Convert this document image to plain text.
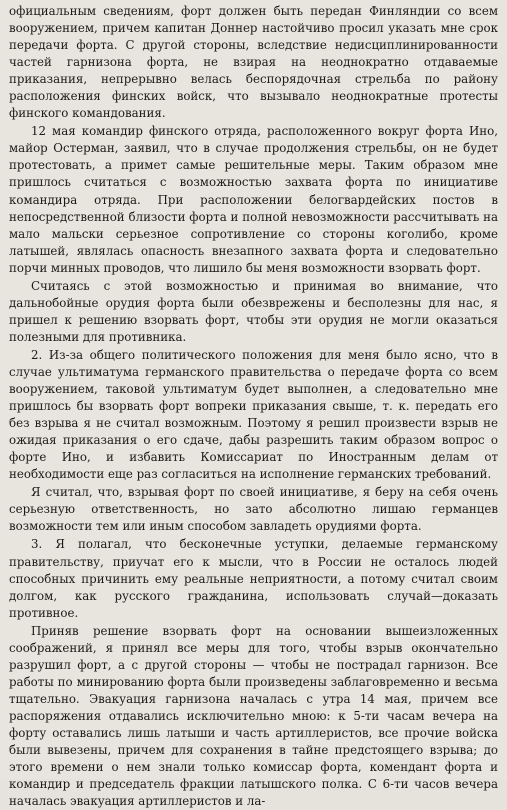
официальным сведениям, форт должен быть передан Финляндии со всем вооружением, причем капитан Доннер настойчиво просил указать мне срок передачи форта. С другой стороны, вследствие недисциплинированности частей гарнизона форта, не взирая на неоднократно отдаваемые приказания, непрерывно велась беспорядочная стрельба по району расположения финских войск, что вызывало неоднократные протесты финского командования.

12 мая командир финского отряда, расположенного вокруг форта Ино, майор Остерман, заявил, что в случае продолжения стрельбы, он не будет протестовать, а примет самые решительные меры. Таким образом мне пришлось считаться с возможностью захвата форта по инициативе командира отряда. При расположении белогвардейских постов в непосредственной близости форта и полной невозможности рассчитывать на мало мальски серьезное сопротивление со стороны коголибо, кроме латышей, являлась опасность внезапного захвата форта и следовательно порчи минных проводов, что лишило бы меня возможности взорвать форт.

Считаясь с этой возможностью и принимая во внимание, что дальнобойные орудия форта были обезврежены и бесполезны для нас, я пришел к решению взорвать форт, чтобы эти орудия не могли оказаться полезными для противника.

2. Из-за общего политического положения для меня было ясно, что в случае ультиматума германского правительства о передаче форта со всем вооружением, таковой ультиматум будет выполнен, а следовательно мне пришлось бы взорвать форт вопреки приказания свыше, т. к. передать его без взрыва я не считал возможным. Поэтому я решил произвести взрыв не ожидая приказания о его сдаче, дабы разрешить таким образом вопрос о форте Ино, и избавить Комиссариат по Иностранным делам от необходимости еще раз согласиться на исполнение германских требований.

Я считал, что, взрывая форт по своей инициативе, я беру на себя очень серьезную ответственность, но зато абсолютно лишаю германцев возможности тем или иным способом завладеть орудиями форта.

3. Я полагал, что бесконечные уступки, делаемые германскому правительству, приучат его к мысли, что в России не осталось людей способных причинить ему реальные неприятности, а потому считал своим долгом, как русского гражданина, использовать случай—доказать противное.

Приняв решение взорвать форт на основании вышеизложенных соображений, я принял все меры для того, чтобы взрыв окончательно разрушил форт, а с другой стороны — чтобы не пострадал гарнизон. Все работы по минированию форта были произведены заблаговременно и весьма тщательно. Эвакуация гарнизона началась с утра 14 мая, причем все распоряжения отдавались исключительно мною: к 5-ти часам вечера на форту оставались лишь латыши и часть артиллеристов, все прочие войска были вывезены, причем для сохранения в тайне предстоящего взрыва; до этого времени о нем знали только комиссар форта, комендант форта и командир и председатель фракции латышского полка. С 6-ти часов вечера началась эвакуация артиллеристов и ла-
